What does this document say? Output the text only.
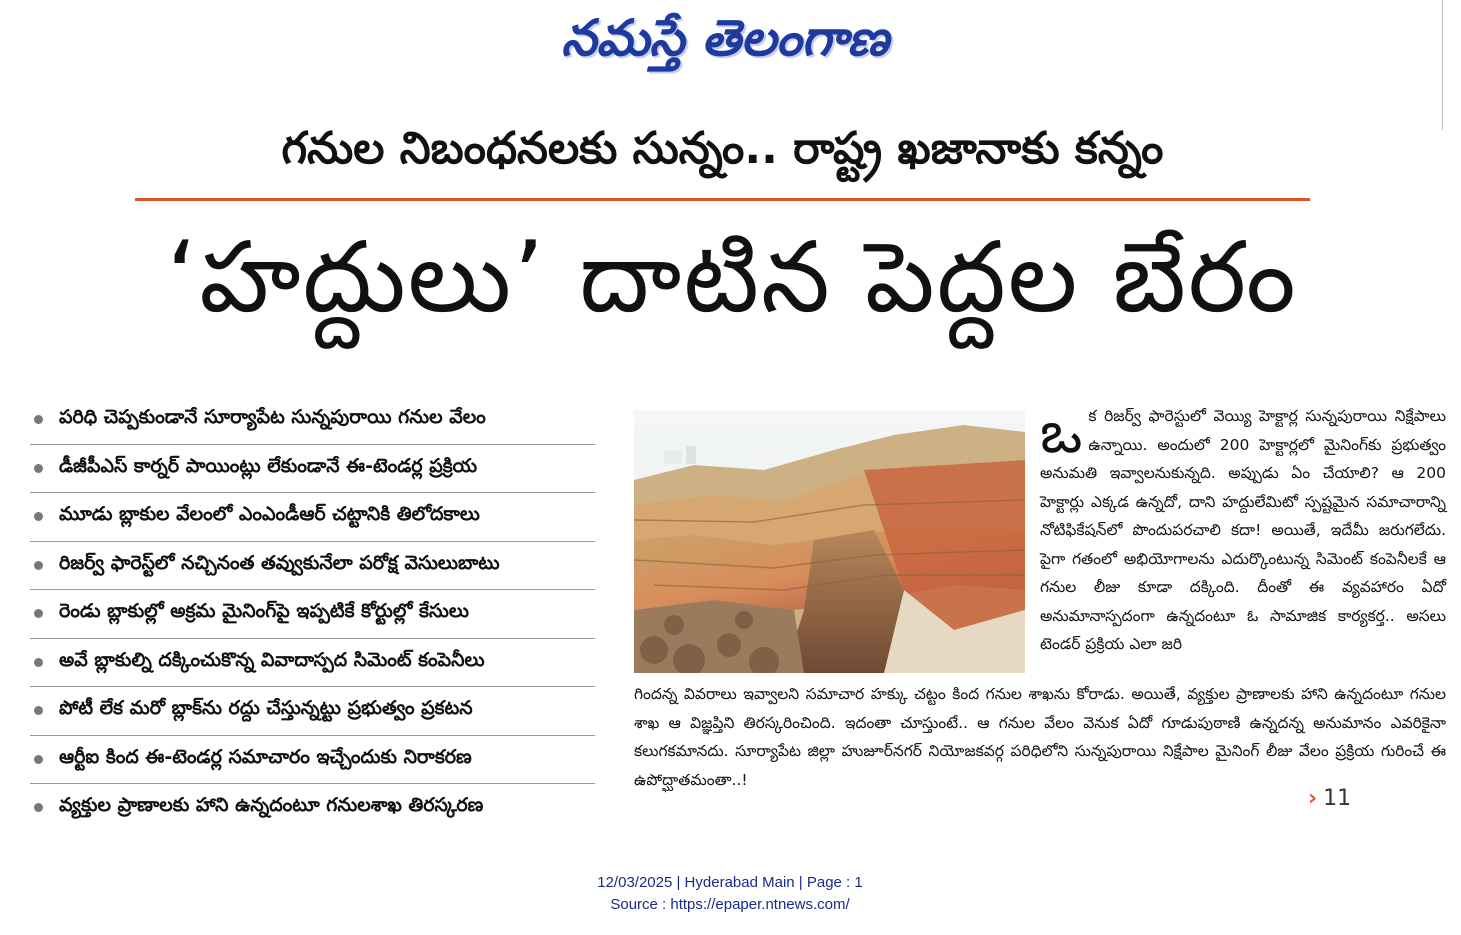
నమస్తే తెలంగాణ
గనుల నిబంధనలకు సున్నం.. రాష్ట్ర ఖజానాకు కన్నం
‘హద్దులు’ దాటిన పెద్దల బేరం
పరిధి చెప్పకుండానే సూర్యాపేట సున్నపురాయి గనుల వేలం
డీజీపీఎస్ కార్నర్ పాయింట్లు లేకుండానే ఈ-టెండర్ల ప్రక్రియ
మూడు బ్లాకుల వేలంలో ఎంఎండీఆర్ చట్టానికి తిలోదకాలు
రిజర్వ్ ఫారెస్ట్‌లో నచ్చినంత తవ్వుకునేలా పరోక్ష వెసులుబాటు
రెండు బ్లాకుల్లో అక్రమ మైనింగ్‌పై ఇప్పటికే కోర్టుల్లో కేసులు
అవే బ్లాకుల్ని దక్కించుకొన్న వివాదాస్పద సిమెంట్ కంపెనీలు
పోటీ లేక మరో బ్లాక్‌ను రద్దు చేస్తున్నట్టు ప్రభుత్వం ప్రకటన
ఆర్టీఐ కింద ఈ-టెండర్ల సమాచారం ఇచ్చేందుకు నిరాకరణ
వ్యక్తుల ప్రాణాలకు హాని ఉన్నదంటూ గనులశాఖ తిరస్కరణ
ఒక రిజర్వ్ ఫారెస్టులో వెయ్యి హెక్టార్ల సున్నపురాయి నిక్షేపాలు ఉన్నాయి. అందులో 200 హెక్టార్లలో మైనింగ్‌కు ప్రభుత్వం అనుమతి ఇవ్వాలనుకున్నది. అప్పుడు ఏం చేయాలి? ఆ 200 హెక్టార్లు ఎక్కడ ఉన్నదో, దాని హద్దులేమిటో స్పష్టమైన సమాచారాన్ని నోటిఫికేషన్‌లో పొందుపరచాలి కదా! అయితే, ఇదేమీ జరుగలేదు. పైగా గతంలో అభియోగాలను ఎదుర్కొంటున్న సిమెంట్ కంపెనీలకే ఆ గనుల లీజు కూడా దక్కింది. దీంతో ఈ వ్యవహారం ఏదో అనుమానాస్పదంగా ఉన్నదంటూ ఓ సామాజిక కార్యకర్త.. అసలు టెండర్ ప్రక్రియ ఎలా జరి
గిందన్న వివరాలు ఇవ్వాలని సమాచార హక్కు చట్టం కింద గనుల శాఖను కోరాడు. అయితే, వ్యక్తుల ప్రాణాలకు హాని ఉన్నదంటూ గనుల శాఖ ఆ విజ్ఞప్తిని తిరస్కరించింది. ఇదంతా చూస్తుంటే.. ఆ గనుల వేలం వెనుక ఏదో గూడుపుఠాణి ఉన్నదన్న అనుమానం ఎవరికైనా కలుగకమానదు. సూర్యాపేట జిల్లా హుజూర్‌నగర్ నియోజకవర్గ పరిధిలోని సున్నపురాయి నిక్షేపాల మైనింగ్ లీజు వేలం ప్రక్రియ గురించే ఈ ఉపోద్ఘాతమంతా..!
› 11
12/03/2025 | Hyderabad Main | Page : 1
Source : https://epaper.ntnews.com/
